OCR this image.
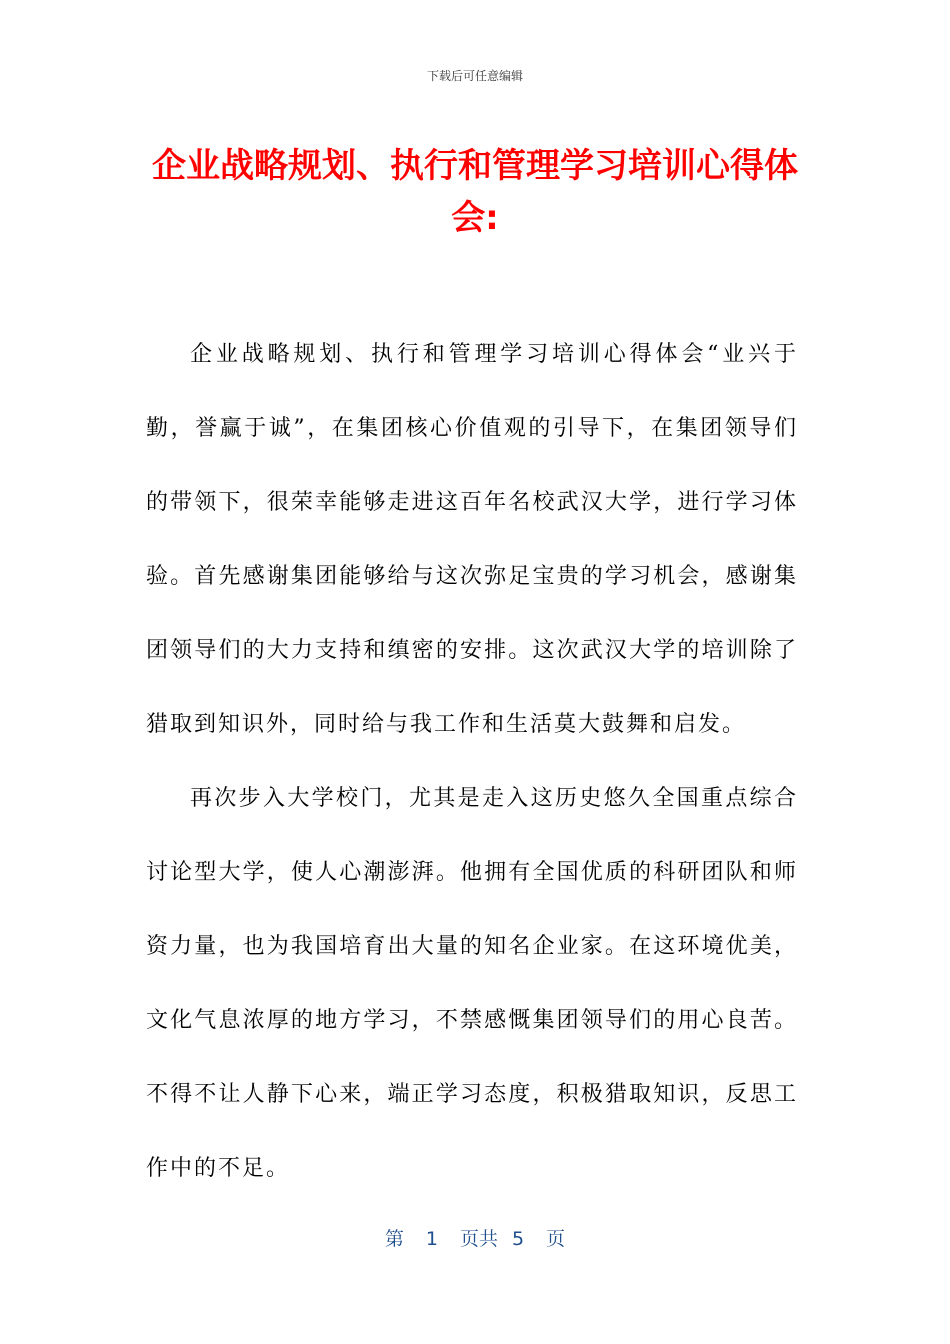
下载后可任意编辑
企业战略规划、执行和管理学习培训心得体会:

企业战略规划、执行和管理学习培训心得体会“业兴于勤，誉赢于诚”，在集团核心价值观的引导下，在集团领导们的带领下，很荣幸能够走进这百年名校武汉大学，进行学习体验。首先感谢集团能够给与这次弥足宝贵的学习机会，感谢集团领导们的大力支持和缜密的安排。这次武汉大学的培训除了猎取到知识外，同时给与我工作和生活莫大鼓舞和启发。

再次步入大学校门，尤其是走入这历史悠久全国重点综合讨论型大学，使人心潮澎湃。他拥有全国优质的科研团队和师资力量，也为我国培育出大量的知名企业家。在这环境优美，文化气息浓厚的地方学习，不禁感慨集团领导们的用心良苦。不得不让人静下心来，端正学习态度，积极猎取知识，反思工作中的不足。

第 1 页共 5 页
